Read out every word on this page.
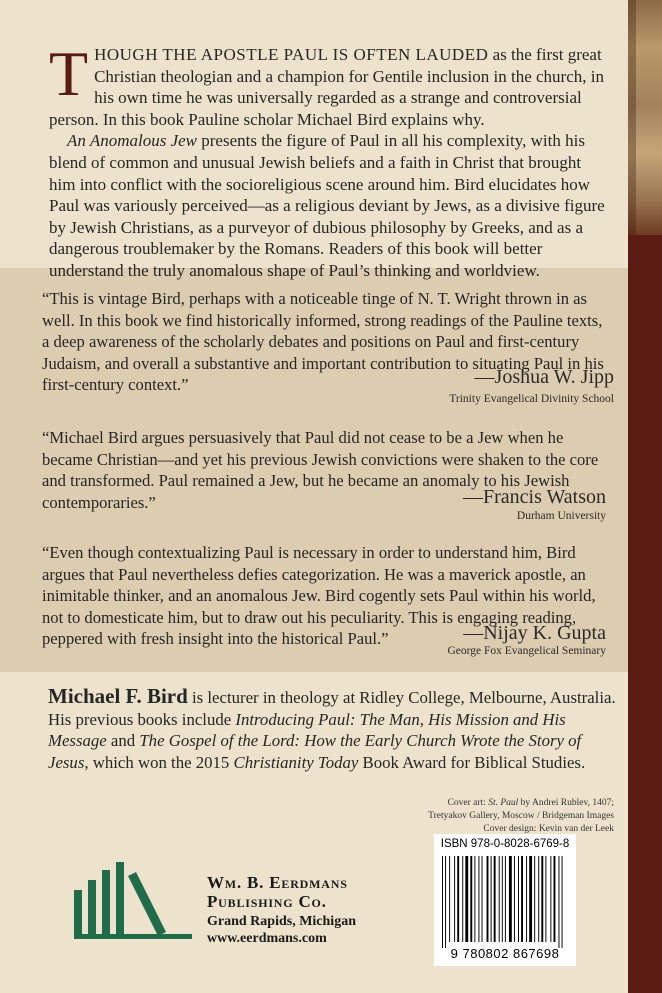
THOUGH THE APOSTLE PAUL IS OFTEN LAUDED as the first great Christian theologian and a champion for Gentile inclusion in the church, in his own time he was universally regarded as a strange and controversial person. In this book Pauline scholar Michael Bird explains why.

An Anomalous Jew presents the figure of Paul in all his complexity, with his blend of common and unusual Jewish beliefs and a faith in Christ that brought him into conflict with the socioreligious scene around him. Bird elucidates how Paul was variously perceived—as a religious deviant by Jews, as a divisive figure by Jewish Christians, as a purveyor of dubious philosophy by Greeks, and as a dangerous troublemaker by the Romans. Readers of this book will better understand the truly anomalous shape of Paul’s thinking and worldview.

“This is vintage Bird, perhaps with a noticeable tinge of N. T. Wright thrown in as well. In this book we find historically informed, strong readings of the Pauline texts, a deep awareness of the scholarly debates and positions on Paul and first-century Judaism, and overall a substantive and important contribution to situating Paul in his first-century context.”	—Joshua W. Jipp
Trinity Evangelical Divinity School

“Michael Bird argues persuasively that Paul did not cease to be a Jew when he became Christian—and yet his previous Jewish convictions were shaken to the core and transformed. Paul remained a Jew, but he became an anomaly to his Jewish contemporaries.”	—Francis Watson
Durham University

“Even though contextualizing Paul is necessary in order to understand him, Bird argues that Paul nevertheless defies categorization. He was a maverick apostle, an inimitable thinker, and an anomalous Jew. Bird cogently sets Paul within his world, not to domesticate him, but to draw out his peculiarity. This is engaging reading, peppered with fresh insight into the historical Paul.”	—Nijay K. Gupta
George Fox Evangelical Seminary

Michael F. Bird is lecturer in theology at Ridley College, Melbourne, Australia. His previous books include Introducing Paul: The Man, His Mission and His Message and The Gospel of the Lord: How the Early Church Wrote the Story of Jesus, which won the 2015 Christianity Today Book Award for Biblical Studies.

Cover art: St. Paul by Andrei Rublev, 1407;

Tretyakov Gallery, Moscow / Bridgeman Images

Cover design: Kevin van der Leek

Wm. B. Eerdmans
Publishing Co.
Grand Rapids, Michigan
www.eerdmans.com
ISBN 978-0-8028-6769-8
9 780802 867698
